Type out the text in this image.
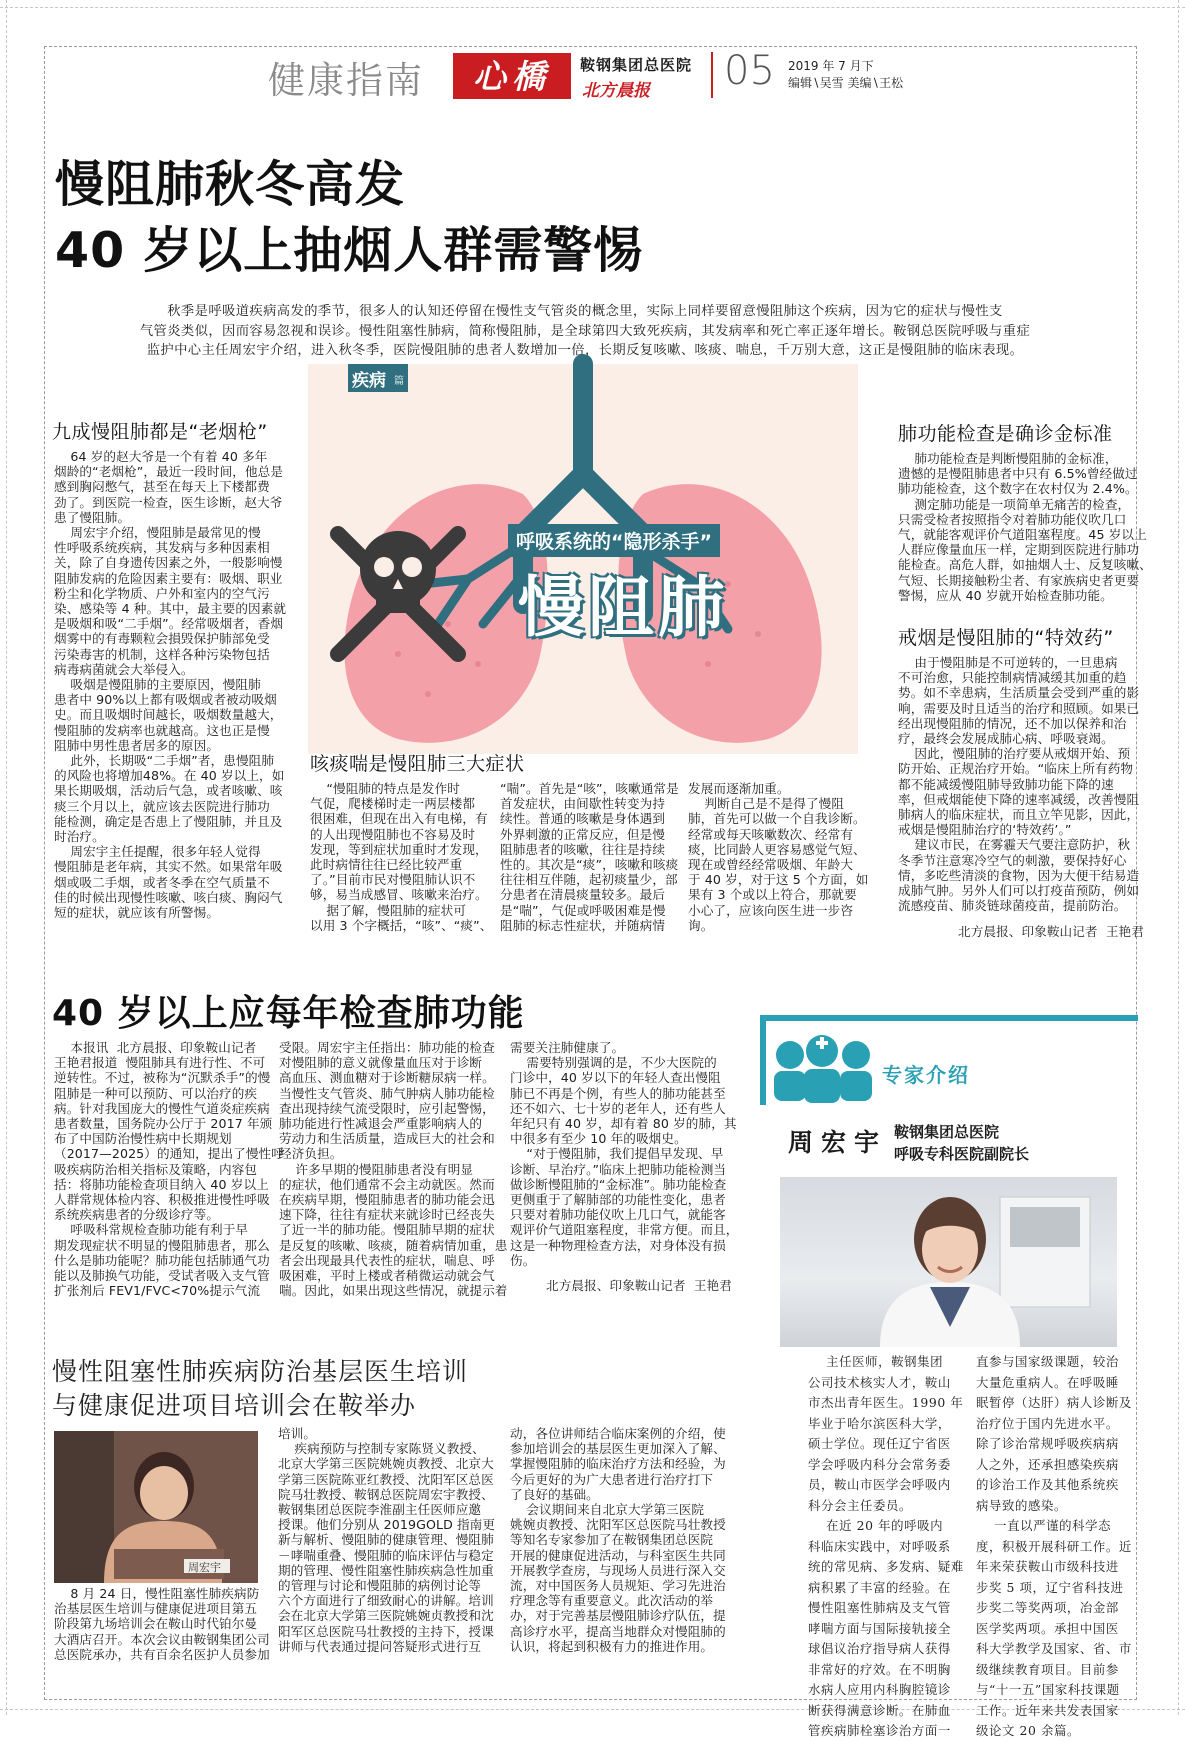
健康指南	心橋	鞍钢集团总医院
北方晨报 05 2019 年 7 月下
编辑∖吴雪 美编∖王松
慢阻肺秋冬高发
40 岁以上抽烟人群需警惕
秋季是呼吸道疾病高发的季节，很多人的认知还停留在慢性支气管炎的概念里，实际上同样要留意慢阻肺这个疾病，因为它的症状与慢性支
气管炎类似，因而容易忽视和误诊。慢性阻塞性肺病，简称慢阻肺，是全球第四大致死疾病，其发病率和死亡率正逐年增长。鞍钢总医院呼吸与重症
监护中心主任周宏宇介绍，进入秋冬季，医院慢阻肺的患者人数增加一倍，长期反复咳嗽、咳痰、喘息，千万别大意，这正是慢阻肺的临床表现。
疾病 篇
呼吸系统的“隐形杀手”
慢阻肺
九成慢阻肺都是“老烟枪”
64 岁的赵大爷是一个有着 40 多年
烟龄的“老烟枪”，最近一段时间，他总是
感到胸闷憋气，甚至在每天上下楼都费
劲了。到医院一检查，医生诊断，赵大爷
患了慢阻肺。
周宏宇介绍，慢阻肺是最常见的慢
性呼吸系统疾病，其发病与多种因素相
关，除了自身遗传因素之外，一般影响慢
阻肺发病的危险因素主要有：吸烟、职业
粉尘和化学物质、户外和室内的空气污
染、感染等 4 种。其中，最主要的因素就
是吸烟和吸“二手烟”。经常吸烟者，香烟
烟雾中的有毒颗粒会損毁保护肺部免受
污染毒害的机制，这样各种污染物包括
病毒病菌就会大举侵入。
吸烟是慢阻肺的主要原因，慢阻肺
患者中 90%以上都有吸烟或者被动吸烟
史。而且吸烟时间越长，吸烟数量越大，
慢阻肺的发病率也就越高。这也正是慢
阻肺中男性患者居多的原因。
此外，长期吸“二手烟”者，患慢阻肺
的风险也将增加48%。在 40 岁以上，如
果长期吸烟，活动后气急，或者咳嗽、咳
痰三个月以上，就应该去医院进行肺功
能检测，确定是否患上了慢阻肺，并且及
时治疗。
周宏宇主任提醒，很多年轻人觉得
慢阻肺是老年病，其实不然。如果常年吸
烟或吸二手烟，或者冬季在空气质量不
佳的时候出现慢性咳嗽、咳白痰、胸闷气
短的症状，就应该有所警惕。
咳痰喘是慢阻肺三大症状
“慢阻肺的特点是发作时
气促，爬楼梯时走一两层楼都
很困难，但现在出入有电梯，有
的人出现慢阻肺也不容易及时
发现，等到症状加重时才发现，
此时病情往往已经比较严重
了。”目前市民对慢阻肺认识不
够，易当成感冒、咳嗽来治疗。
据了解，慢阻肺的症状可
以用 3 个字概括，“咳”、“痰”、
“喘”。首先是“咳”，咳嗽通常是
首发症状，由间歇性转变为持
续性。普通的咳嗽是身体遇到
外界刺激的正常反应，但是慢
阻肺患者的咳嗽，往往是持续
性的。其次是“痰”，咳嗽和咳痰
往往相互伴随，起初痰量少，部
分患者在清晨痰量较多。最后
是“喘”，气促或呼吸困难是慢
阻肺的标志性症状，并随病情
发展而逐渐加重。
判断自己是不是得了慢阻
肺，首先可以做一个自我诊断。
经常或每天咳嗽数次、经常有
痰，比同龄人更容易感觉气短、
现在或曾经经常吸烟、年龄大
于 40 岁，对于这 5 个方面，如
果有 3 个或以上符合，那就要
小心了，应该向医生进一步咨
询。
肺功能检查是确诊金标准
肺功能检查是判断慢阻肺的金标准，
遗憾的是慢阻肺患者中只有 6.5%曾经做过
肺功能检查，这个数字在农村仅为 2.4%。
测定肺功能是一项简单无痛苦的检查，
只需受检者按照指令对着肺功能仪吹几口
气，就能客观评价气道阻塞程度。45 岁以上
人群应像量血压一样，定期到医院进行肺功
能检查。高危人群，如抽烟人士、反复咳嗽、
气短、长期接触粉尘者、有家族病史者更要
警惕，应从 40 岁就开始检查肺功能。
戒烟是慢阻肺的“特效药”
由于慢阻肺是不可逆转的，一旦患病
不可治愈，只能控制病情减缓其加重的趋
势。如不幸患病，生活质量会受到严重的影
响，需要及时且适当的治疗和照顾。如果已
经出现慢阻肺的情况，还不加以保养和治
疗，最终会发展成肺心病、呼吸衰竭。
因此，慢阻肺的治疗要从戒烟开始、预
防开始、正规治疗开始。“临床上所有药物
都不能减缓慢阻肺导致肺功能下降的速
率，但戒烟能使下降的速率减缓，改善慢阻
肺病人的临床症状，而且立竿见影，因此，
戒烟是慢阻肺治疗的‘特效药’。”
建议市民，在雾霾天气要注意防护，秋
冬季节注意寒冷空气的刺激，要保持好心
情，多吃些清淡的食物，因为大便干结易造
成肺气肿。另外人们可以打疫苗预防，例如
流感疫苗、肺炎链球菌疫苗，提前防治。
北方晨报、印象鞍山记者  王艳君
40 岁以上应每年检查肺功能
本报讯  北方晨报、印象鞍山记者
王艳君报道  慢阻肺具有进行性、不可
逆转性。不过，被称为“沉默杀手”的慢
阻肺是一种可以预防、可以治疗的疾
病。针对我国庞大的慢性气道炎症疾病
患者数量，国务院办公厅于 2017 年颁
布了中国防治慢性病中长期规划
（2017—2025）的通知，提出了慢性呼
吸疾病防治相关指标及策略，内容包
括：将肺功能检查项目纳入 40 岁以上
人群常规体检内容、积极推进慢性呼吸
系统疾病患者的分级诊疗等。
呼吸科常规检查肺功能有利于早
期发现症状不明显的慢阻肺患者，那么
什么是肺功能呢？肺功能包括肺通气功
能以及肺换气功能，受试者吸入支气管
扩张剂后 FEV1/FVC<70%提示气流
受限。周宏宇主任指出：肺功能的检查
对慢阻肺的意义就像量血压对于诊断
高血压、测血糖对于诊断糖尿病一样。
当慢性支气管炎、肺气肿病人肺功能检
查出现持续气流受限时，应引起警惕，
肺功能进行性减退会严重影响病人的
劳动力和生活质量，造成巨大的社会和
经济负担。
许多早期的慢阻肺患者没有明显
的症状，他们通常不会主动就医。然而
在疾病早期，慢阻肺患者的肺功能会迅
速下降，往往有症状来就诊时已经丧失
了近一半的肺功能。慢阻肺早期的症状
是反复的咳嗽、咳痰，随着病情加重，患
者会出现最具代表性的症状，喘息、呼
吸困难，平时上楼或者稍微运动就会气
喘。因此，如果出现这些情况，就提示着
需要关注肺健康了。
需要特别强调的是，不少大医院的
门诊中，40 岁以下的年轻人查出慢阻
肺已不再是个例，有些人的肺功能甚至
还不如六、七十岁的老年人，还有些人
年纪只有 40 岁，却有着 80 岁的肺，其
中很多有至少 10 年的吸烟史。
“对于慢阻肺，我们提倡早发现、早
诊断、早治疗。”临床上把肺功能检测当
做诊断慢阻肺的“金标准”。肺功能检查
更侧重于了解肺部的功能性变化，患者
只要对着肺功能仪吹上几口气，就能客
观评价气道阻塞程度，非常方便。而且，
这是一种物理检查方法，对身体没有损
伤。
北方晨报、印象鞍山记者  王艳君
专家介绍
周宏宇 鞍钢集团总医院
呼吸专科医院副院长
主任医师，鞍钢集团
公司技术核实人才，鞍山
市杰出青年医生。1990 年
毕业于哈尔滨医科大学，
硕士学位。现任辽宁省医
学会呼吸内科分会常务委
员，鞍山市医学会呼吸内
科分会主任委员。
在近 20 年的呼吸内
科临床实践中，对呼吸系
统的常见病、多发病、疑难
病积累了丰富的经验。在
慢性阻塞性肺病及支气管
哮喘方面与国际接轨接全
球倡议治疗指导病人获得
非常好的疗效。在不明胸
水病人应用内科胸腔镜诊
断获得满意诊断。在肺血
管疾病肺栓塞诊治方面一
直参与国家级课题，较治
大量危重病人。在呼吸睡
眠暂停（达肝）病人诊断及
治疗位于国内先进水平。
除了诊治常规呼吸疾病病
人之外，还承担感染疾病
的诊治工作及其他系统疾
病导致的感染。
一直以严谨的科学态
度，积极开展科研工作。近
年来荣获鞍山市级科技进
步奖 5 项，辽宁省科技进
步奖二等奖两项，冶金部
医学奖两项。承担中国医
科大学教学及国家、省、市
级继续教育项目。目前参
与“十一五”国家科技课题
工作。近年来共发表国家
级论文 20 余篇。
慢性阻塞性肺疾病防治基层医生培训
与健康促进项目培训会在鞍举办
周宏宇
8 月 24 日，慢性阻塞性肺疾病防
治基层医生培训与健康促进项目第五
阶段第九场培训会在鞍山时代铂尔曼
大酒店召开。本次会议由鞍钢集团公司
总医院承办，共有百余名医护人员参加
培训。
疾病预防与控制专家陈贤义教授、
北京大学第三医院姚婉贞教授、北京大
学第三医院陈亚红教授、沈阳军区总医
院马壮教授、鞍钢总医院周宏宇教授、
鞍钢集团总医院李淮副主任医师应邀
授课。他们分别从 2019GOLD 指南更
新与解析、慢阻肺的健康管理、慢阻肺
－哮喘重叠、慢阻肺的临床评估与稳定
期的管理、慢性阻塞性肺疾病急性加重
的管理与讨论和慢阻肺的病例讨论等
六个方面进行了细致耐心的讲解。培训
会在北京大学第三医院姚婉贞教授和沈
阳军区总医院马壮教授的主持下，授课
讲师与代表通过提问答疑形式进行互
动，各位讲师结合临床案例的介绍，使
参加培训会的基层医生更加深入了解、
掌握慢阻肺的临床治疗方法和经验，为
今后更好的为广大患者进行治疗打下
了良好的基础。
会议期间来自北京大学第三医院
姚婉贞教授、沈阳军区总医院马壮教授
等知名专家参加了在鞍钢集团总医院
开展的健康促进活动，与科室医生共同
开展教学查房，与现场人员进行深入交
流，对中国医务人员规矩、学习先进治
疗理念等有重要意义。此次活动的举
办，对于完善基层慢阻肺诊疗队伍，提
高诊疗水平，提高当地群众对慢阻肺的
认识，将起到积极有力的推进作用。
